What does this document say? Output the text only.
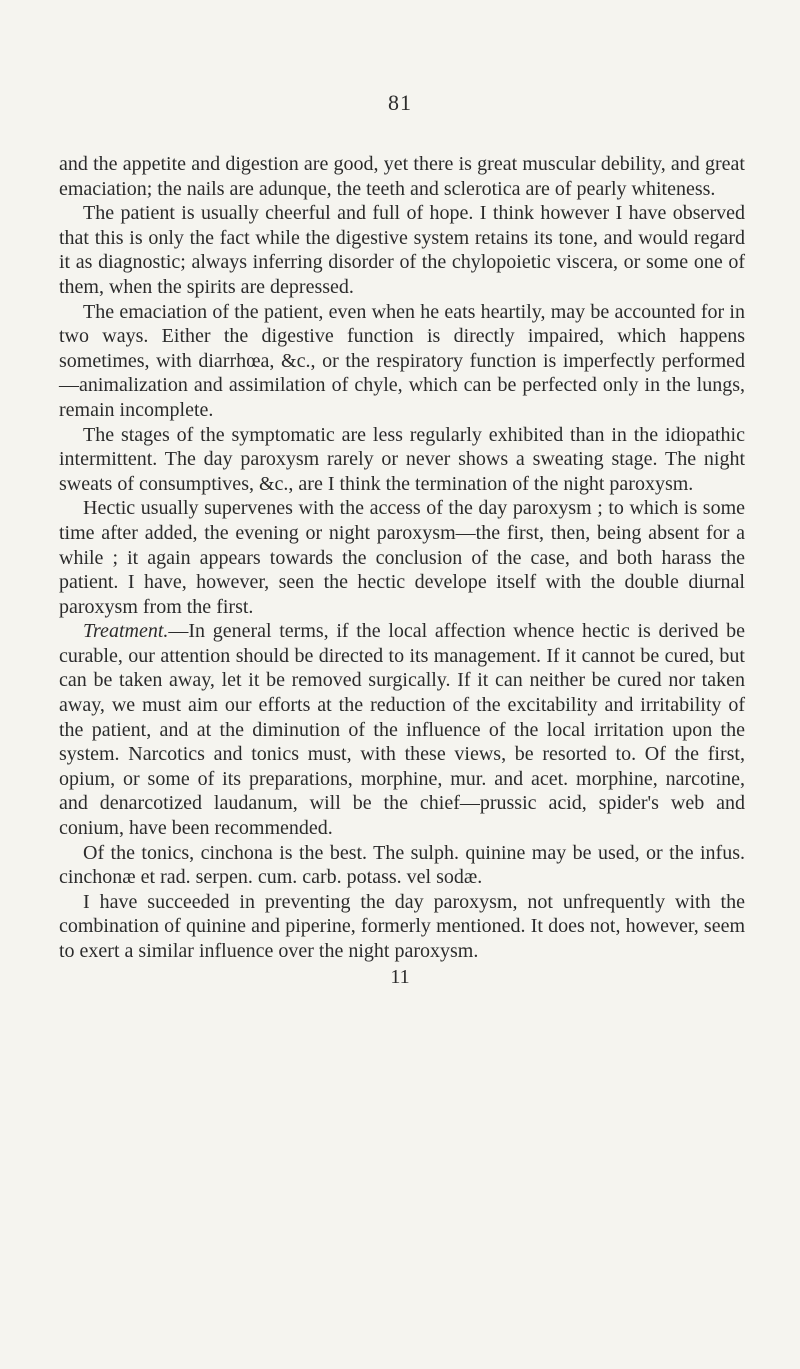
81

and the appetite and digestion are good, yet there is great muscular debility, and great emaciation; the nails are adunque, the teeth and sclerotica are of pearly whiteness.

The patient is usually cheerful and full of hope. I think however I have observed that this is only the fact while the digestive system retains its tone, and would regard it as diagnostic; always inferring disorder of the chylopoietic viscera, or some one of them, when the spirits are depressed.

The emaciation of the patient, even when he eats heartily, may be accounted for in two ways. Either the digestive function is directly impaired, which happens sometimes, with diarrhœa, &c., or the respiratory function is imperfectly performed—animalization and assimilation of chyle, which can be perfected only in the lungs, remain incomplete.

The stages of the symptomatic are less regularly exhibited than in the idiopathic intermittent. The day paroxysm rarely or never shows a sweating stage. The night sweats of consumptives, &c., are I think the termination of the night paroxysm.

Hectic usually supervenes with the access of the day paroxysm ; to which is some time after added, the evening or night paroxysm—the first, then, being absent for a while ; it again appears towards the conclusion of the case, and both harass the patient. I have, however, seen the hectic develope itself with the double diurnal paroxysm from the first.

Treatment.—In general terms, if the local affection whence hectic is derived be curable, our attention should be directed to its management. If it cannot be cured, but can be taken away, let it be removed surgically. If it can neither be cured nor taken away, we must aim our efforts at the reduction of the excitability and irritability of the patient, and at the diminution of the influence of the local irritation upon the system. Narcotics and tonics must, with these views, be resorted to. Of the first, opium, or some of its preparations, morphine, mur. and acet. morphine, narcotine, and denarcotized laudanum, will be the chief—prussic acid, spider's web and conium, have been recommended.

Of the tonics, cinchona is the best. The sulph. quinine may be used, or the infus. cinchonæ et rad. serpen. cum. carb. potass. vel sodæ.

I have succeeded in preventing the day paroxysm, not unfrequently with the combination of quinine and piperine, formerly mentioned. It does not, however, seem to exert a similar influence over the night paroxysm.

11
